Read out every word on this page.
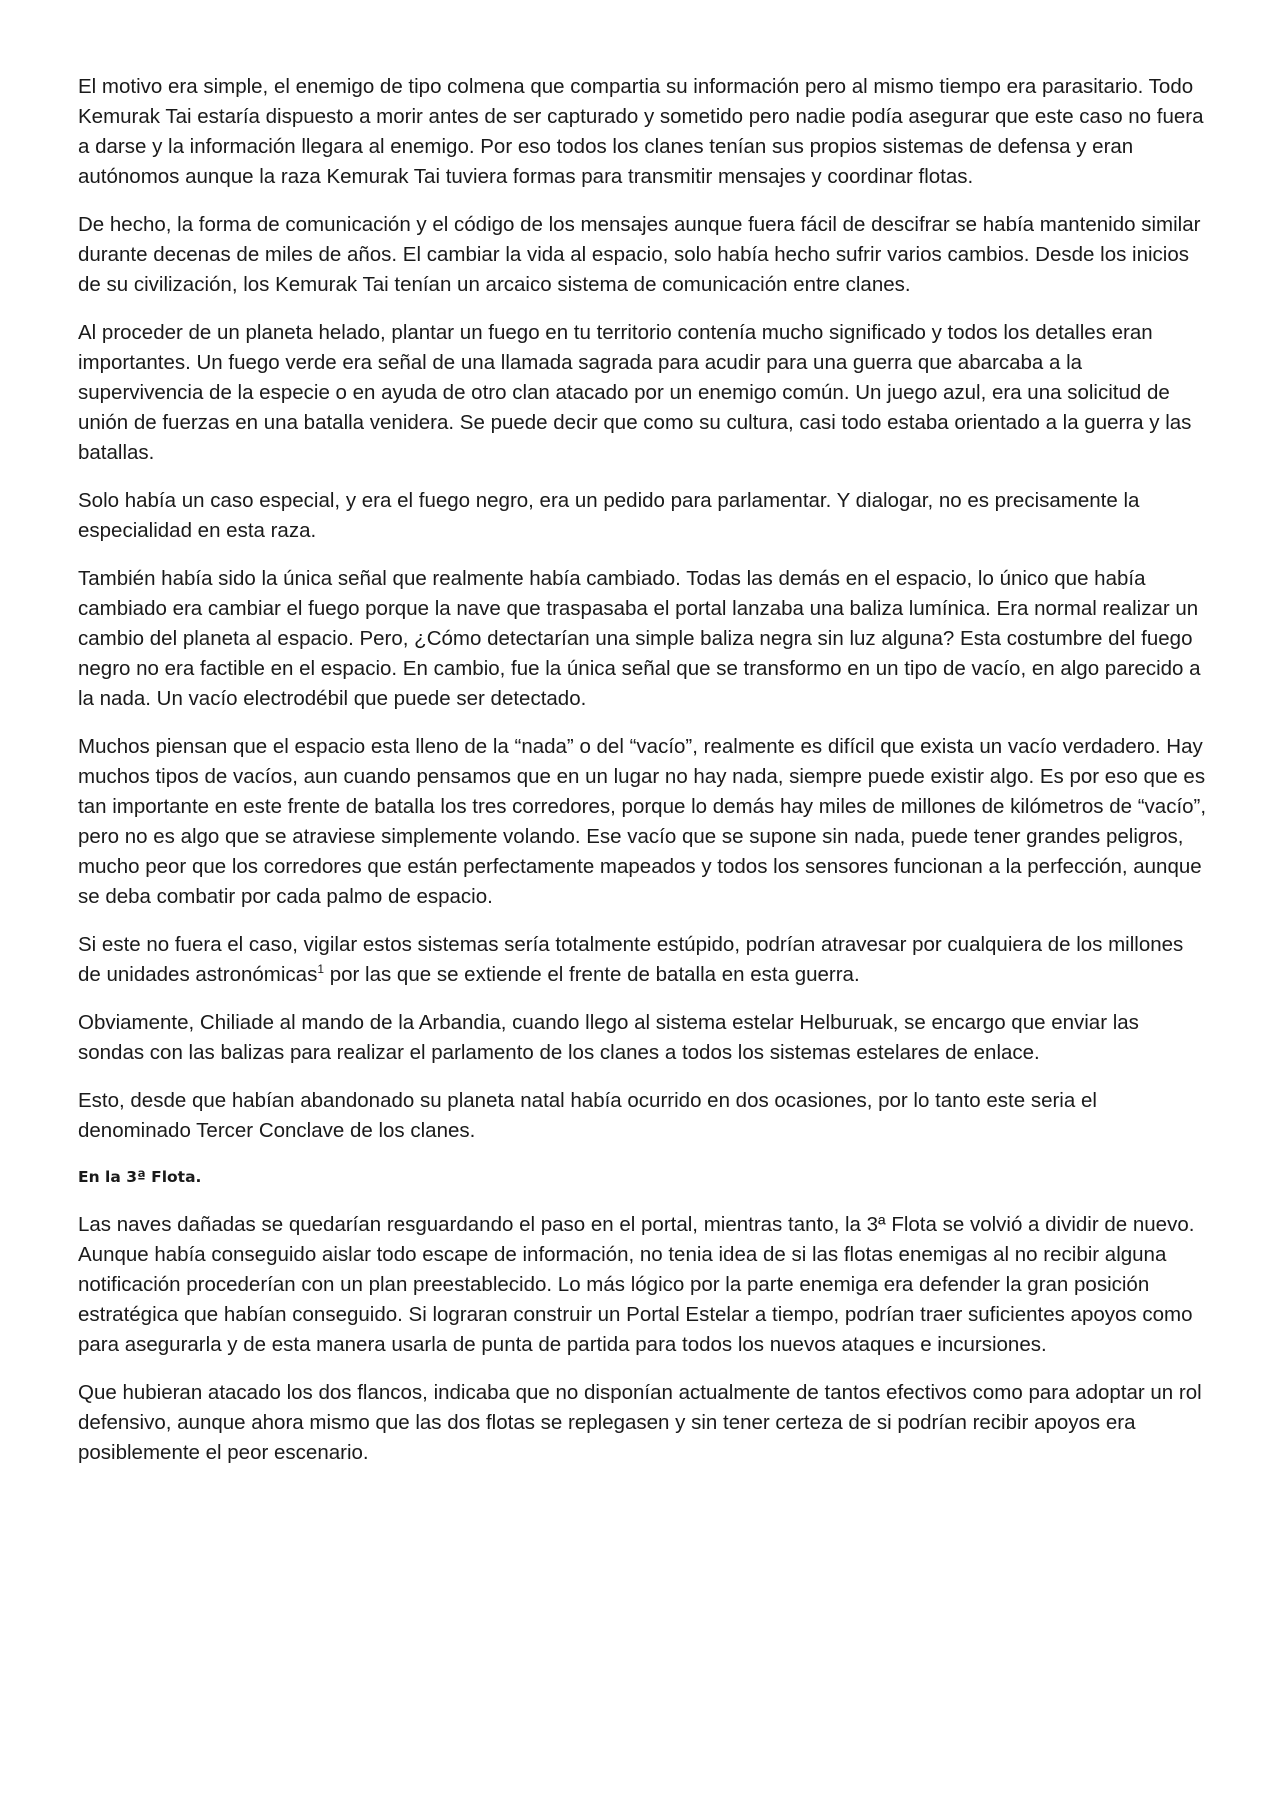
El motivo era simple, el enemigo de tipo colmena que compartia su información pero al mismo tiempo era parasitario. Todo Kemurak Tai estaría dispuesto a morir antes de ser capturado y sometido pero nadie podía asegurar que este caso no fuera a darse y la información llegara al enemigo. Por eso todos los clanes tenían sus propios sistemas de defensa y eran autónomos aunque la raza Kemurak Tai tuviera formas para transmitir mensajes y coordinar flotas.

De hecho, la forma de comunicación y el código de los mensajes aunque fuera fácil de descifrar se había mantenido similar durante decenas de miles de años. El cambiar la vida al espacio, solo había hecho sufrir varios cambios. Desde los inicios de su civilización, los Kemurak Tai tenían un arcaico sistema de comunicación entre clanes.

Al proceder de un planeta helado, plantar un fuego en tu territorio contenía mucho significado y todos los detalles eran importantes. Un fuego verde era señal de una llamada sagrada para acudir para una guerra que abarcaba a la supervivencia de la especie o en ayuda de otro clan atacado por un enemigo común. Un juego azul, era una solicitud de unión de fuerzas en una batalla venidera. Se puede decir que como su cultura, casi todo estaba orientado a la guerra y las batallas.

Solo había un caso especial, y era el fuego negro, era un pedido para parlamentar. Y dialogar, no es precisamente la especialidad en esta raza.

También había sido la única señal que realmente había cambiado. Todas las demás en el espacio, lo único que había cambiado era cambiar el fuego porque la nave que traspasaba el portal lanzaba una baliza lumínica. Era normal realizar un cambio del planeta al espacio. Pero, ¿Cómo detectarían una simple baliza negra sin luz alguna? Esta costumbre del fuego negro no era factible en el espacio. En cambio, fue la única señal que se transformo en un tipo de vacío, en algo parecido a la nada. Un vacío electrodébil que puede ser detectado.

Muchos piensan que el espacio esta lleno de la “nada” o del “vacío”, realmente es difícil que exista un vacío verdadero. Hay muchos tipos de vacíos, aun cuando pensamos que en un lugar no hay nada, siempre puede existir algo. Es por eso que es tan importante en este frente de batalla los tres corredores, porque lo demás hay miles de millones de kilómetros de “vacío”, pero no es algo que se atraviese simplemente volando. Ese vacío que se supone sin nada, puede tener grandes peligros, mucho peor que los corredores que están perfectamente mapeados y todos los sensores funcionan a la perfección, aunque se deba combatir por cada palmo de espacio.

Si este no fuera el caso, vigilar estos sistemas sería totalmente estúpido, podrían atravesar por cualquiera de los millones de unidades astronómicas$^1$ por las que se extiende el frente de batalla en esta guerra.

Obviamente, Chiliade al mando de la Arbandia, cuando llego al sistema estelar Helburuak, se encargo que enviar las sondas con las balizas para realizar el parlamento de los clanes a todos los sistemas estelares de enlace.

Esto, desde que habían abandonado su planeta natal había ocurrido en dos ocasiones, por lo tanto este seria el denominado Tercer Conclave de los clanes.

En la 3ª Flota.

Las naves dañadas se quedarían resguardando el paso en el portal, mientras tanto, la 3ª Flota se volvió a dividir de nuevo. Aunque había conseguido aislar todo escape de información, no tenia idea de si las flotas enemigas al no recibir alguna notificación procederían con un plan preestablecido. Lo más lógico por la parte enemiga era defender la gran posición estratégica que habían conseguido. Si lograran construir un Portal Estelar a tiempo, podrían traer suficientes apoyos como para asegurarla y de esta manera usarla de punta de partida para todos los nuevos ataques e incursiones.

Que hubieran atacado los dos flancos, indicaba que no disponían actualmente de tantos efectivos como para adoptar un rol defensivo, aunque ahora mismo que las dos flotas se replegasen y sin tener certeza de si podrían recibir apoyos era posiblemente el peor escenario.
